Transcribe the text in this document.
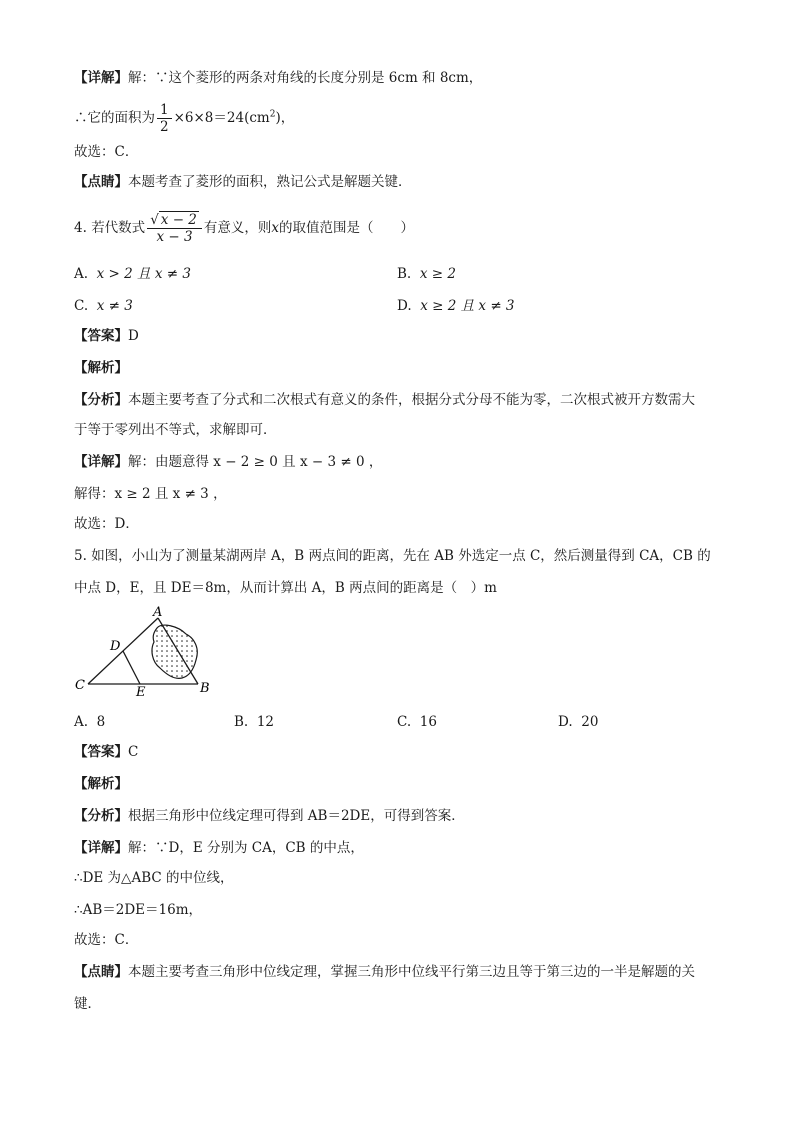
【详解】解：∵这个菱形的两条对角线的长度分别是 6cm 和 8cm，
∴它的面积为 $\frac{1}{2} \times 6\times 8=24(cm^2)$，
故选：C．
【点睛】本题考查了菱形的面积，熟记公式是解题关键．
4. 若代数式 $\frac{√ x - 2}{x - 3}$ 有意义，则x的取值范围是（　　）
A. x > 2 且 x ≠ 3	B. x ≥ 2
C. x ≠ 3	D. x ≥ 2 且 x ≠ 3
【答案】D
【解析】
【分析】本题主要考查了分式和二次根式有意义的条件，根据分式分母不能为零，二次根式被开方数需大
于等于零列出不等式，求解即可．
【详解】解：由题意得 x − 2 ≥ 0 且 x − 3 ≠ 0 ，
解得：x ≥ 2 且 x ≠ 3 ，
故选：D．
5. 如图，小山为了测量某湖两岸 A，B 两点间的距离，先在 AB 外选定一点 C，然后测量得到 CA，CB 的
中点 D，E，且 DE＝8m，从而计算出 A，B 两点间的距离是（　）m
A
B
C
D
E
A. 8	B. 12	C. 16	D. 20
【答案】C
【解析】
【分析】根据三角形中位线定理可得到 AB＝2DE，可得到答案．
【详解】解：∵D，E 分别为 CA，CB 的中点，
∴DE 为△ABC 的中位线，
∴AB＝2DE＝16m，
故选：C．
【点睛】本题主要考查三角形中位线定理，掌握三角形中位线平行第三边且等于第三边的一半是解题的关
键．
